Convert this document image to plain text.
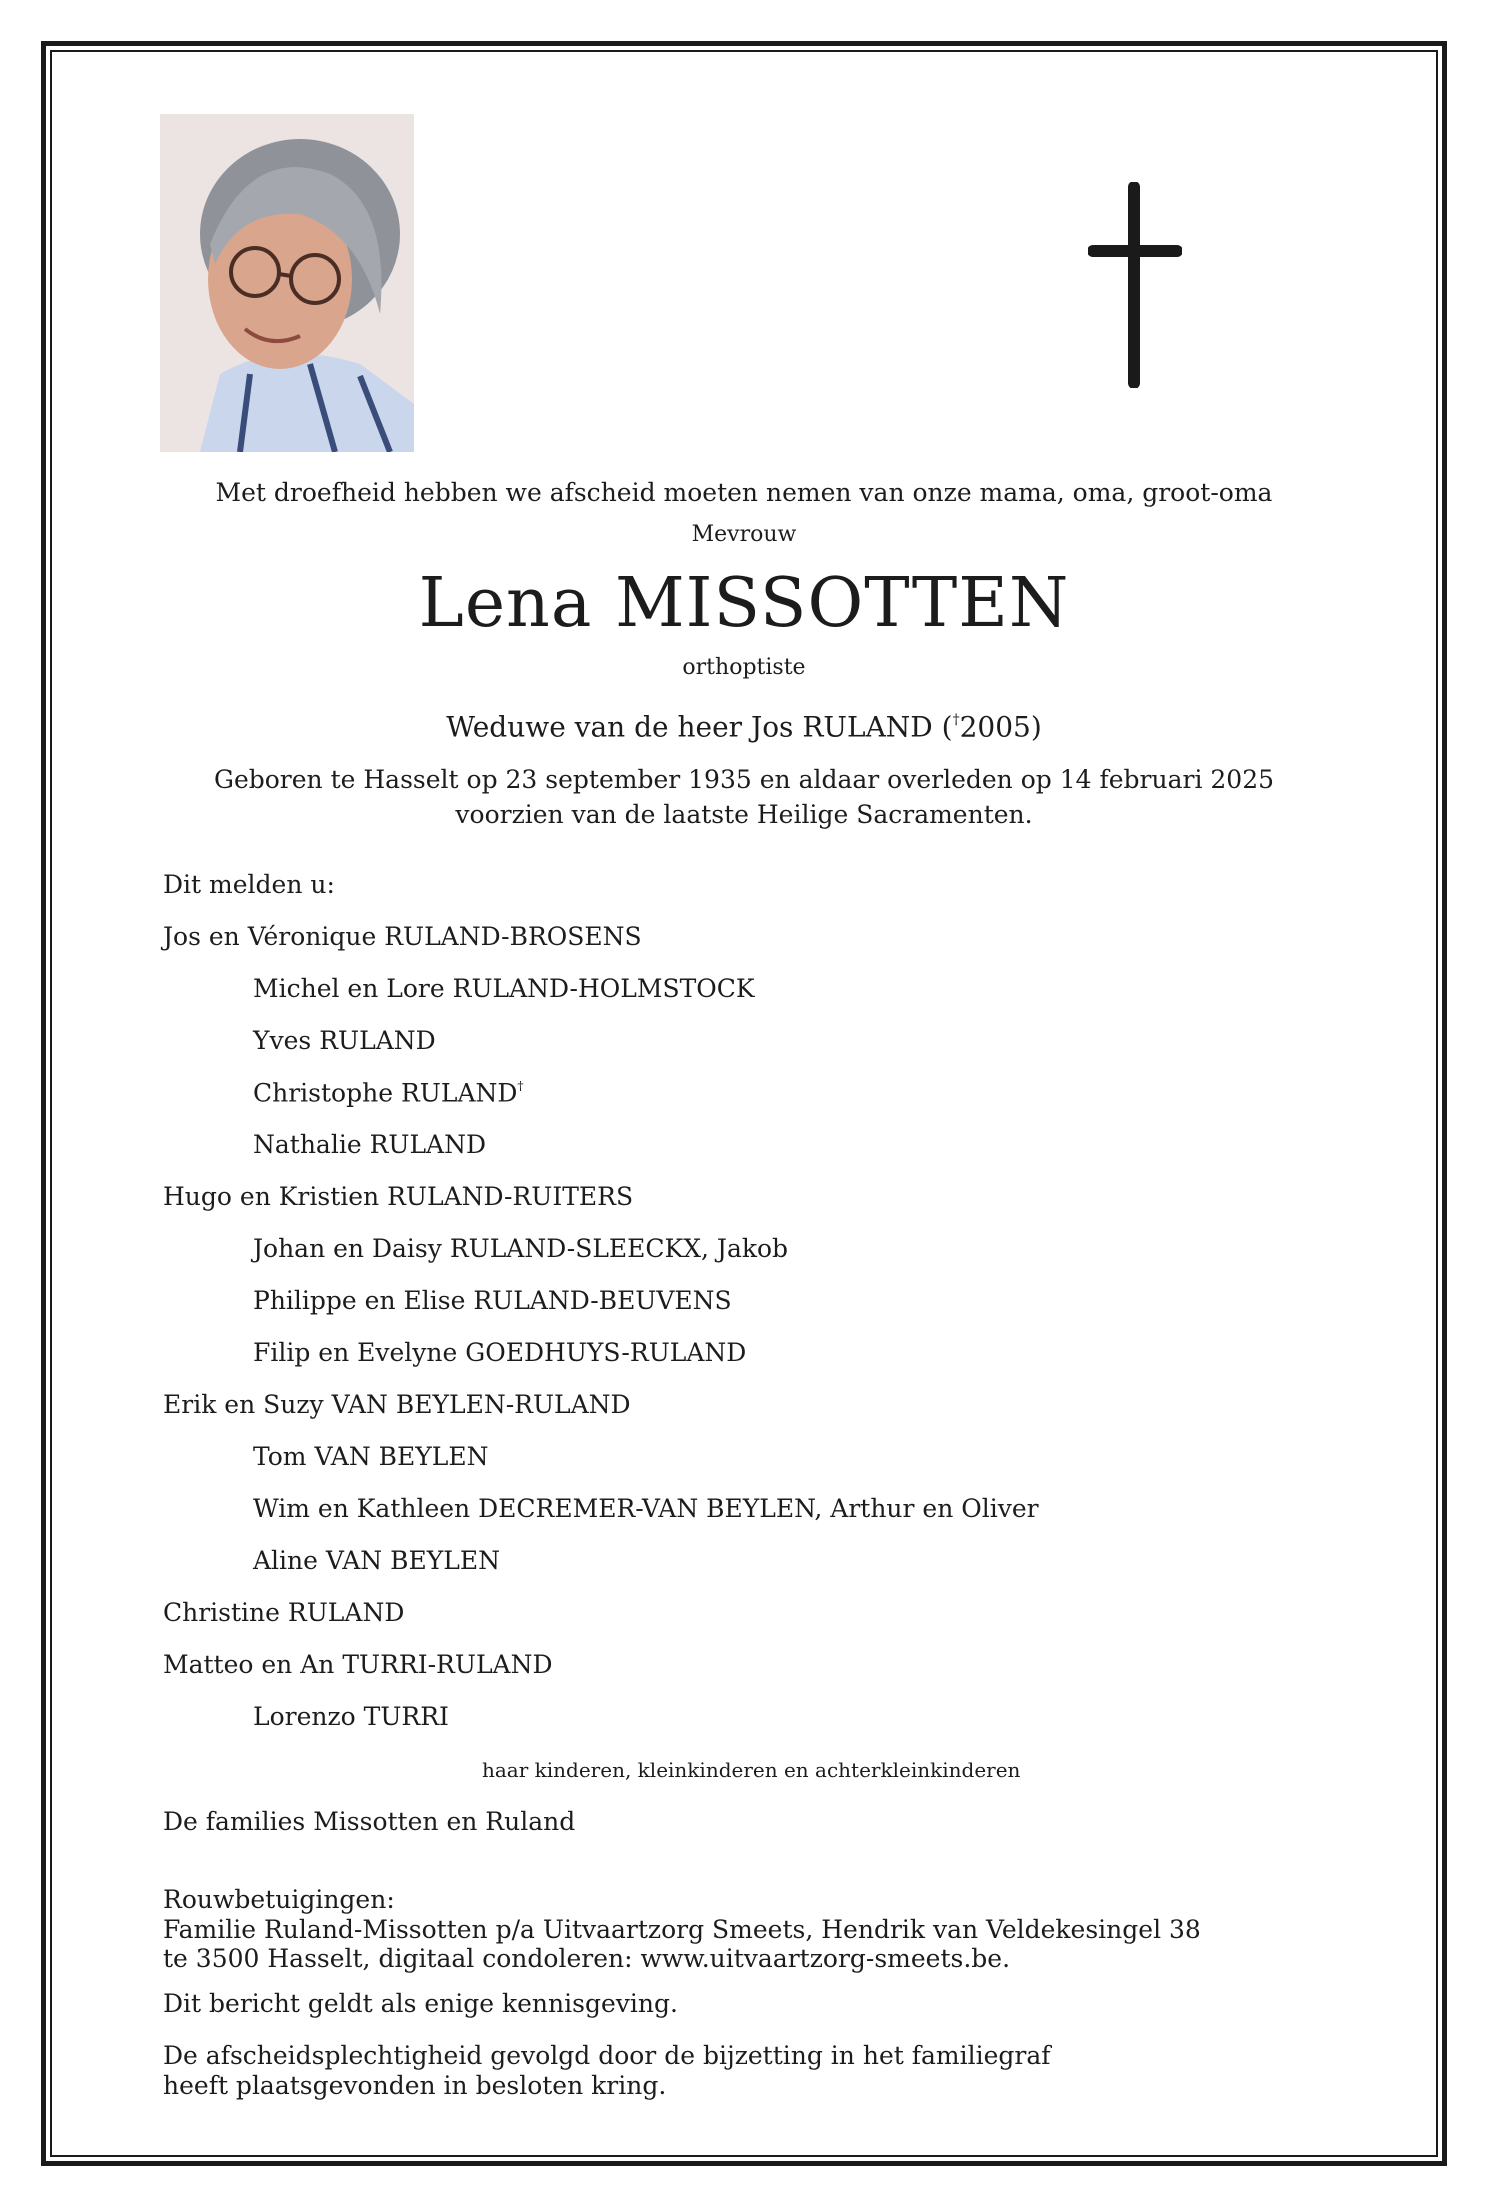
Met droefheid hebben we afscheid moeten nemen van onze mama, oma, groot-oma
Mevrouw
Lena MISSOTTEN
orthoptiste
Weduwe van de heer Jos RULAND (†2005)
Geboren te Hasselt op 23 september 1935 en aldaar overleden op 14 februari 2025
voorzien van de laatste Heilige Sacramenten.
Dit melden u:
Jos en Véronique RULAND-BROSENS
Michel en Lore RULAND-HOLMSTOCK
Yves RULAND
Christophe RULAND†
Nathalie RULAND
Hugo en Kristien RULAND-RUITERS
Johan en Daisy RULAND-SLEECKX, Jakob
Philippe en Elise RULAND-BEUVENS
Filip en Evelyne GOEDHUYS-RULAND
Erik en Suzy VAN BEYLEN-RULAND
Tom VAN BEYLEN
Wim en Kathleen DECREMER-VAN BEYLEN, Arthur en Oliver
Aline VAN BEYLEN
Christine RULAND
Matteo en An TURRI-RULAND
Lorenzo TURRI
haar kinderen, kleinkinderen en achterkleinkinderen
De families Missotten en Ruland
Rouwbetuigingen:
Familie Ruland-Missotten p/a Uitvaartzorg Smeets, Hendrik van Veldekesingel 38
te 3500 Hasselt, digitaal condoleren: www.uitvaartzorg-smeets.be.
Dit bericht geldt als enige kennisgeving.
De afscheidsplechtigheid gevolgd door de bijzetting in het familiegraf
heeft plaatsgevonden in besloten kring.
